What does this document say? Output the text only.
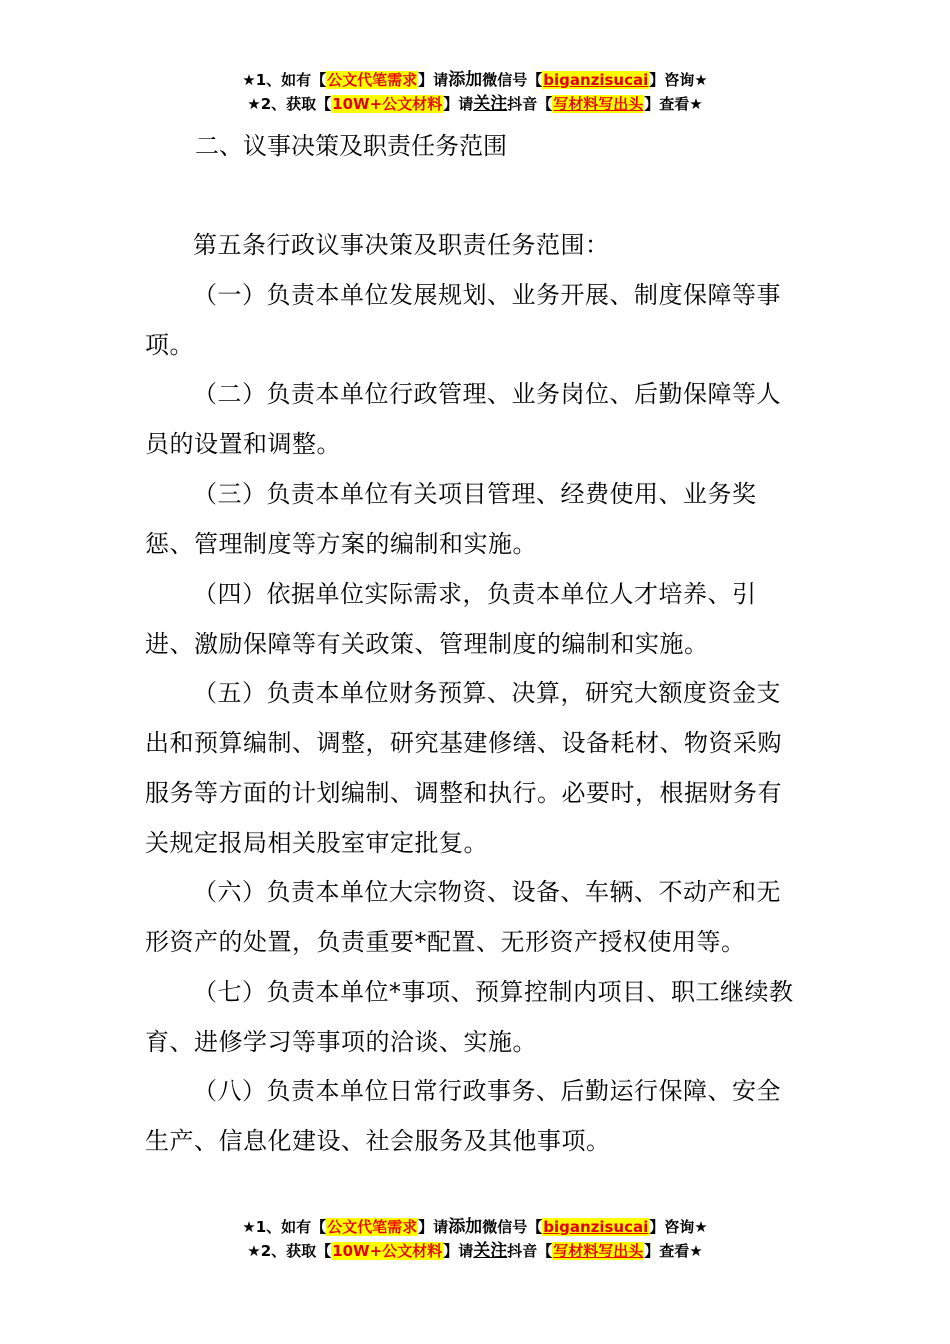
★1、如有【公文代笔需求】请添加微信号【biganzisucai】咨询★
★2、获取【10W+公文材料】请关注抖音【写材料写出头】查看★
二、议事决策及职责任务范围
第五条行政议事决策及职责任务范围：
（一）负责本单位发展规划、业务开展、制度保障等事项。
（二）负责本单位行政管理、业务岗位、后勤保障等人员的设置和调整。
（三）负责本单位有关项目管理、经费使用、业务奖惩、管理制度等方案的编制和实施。
（四）依据单位实际需求，负责本单位人才培养、引进、激励保障等有关政策、管理制度的编制和实施。
（五）负责本单位财务预算、决算，研究大额度资金支出和预算编制、调整，研究基建修缮、设备耗材、物资采购服务等方面的计划编制、调整和执行。必要时，根据财务有关规定报局相关股室审定批复。
（六）负责本单位大宗物资、设备、车辆、不动产和无形资产的处置，负责重要*配置、无形资产授权使用等。
（七）负责本单位*事项、预算控制内项目、职工继续教育、进修学习等事项的洽谈、实施。
（八）负责本单位日常行政事务、后勤运行保障、安全生产、信息化建设、社会服务及其他事项。
★1、如有【公文代笔需求】请添加微信号【biganzisucai】咨询★
★2、获取【10W+公文材料】请关注抖音【写材料写出头】查看★
